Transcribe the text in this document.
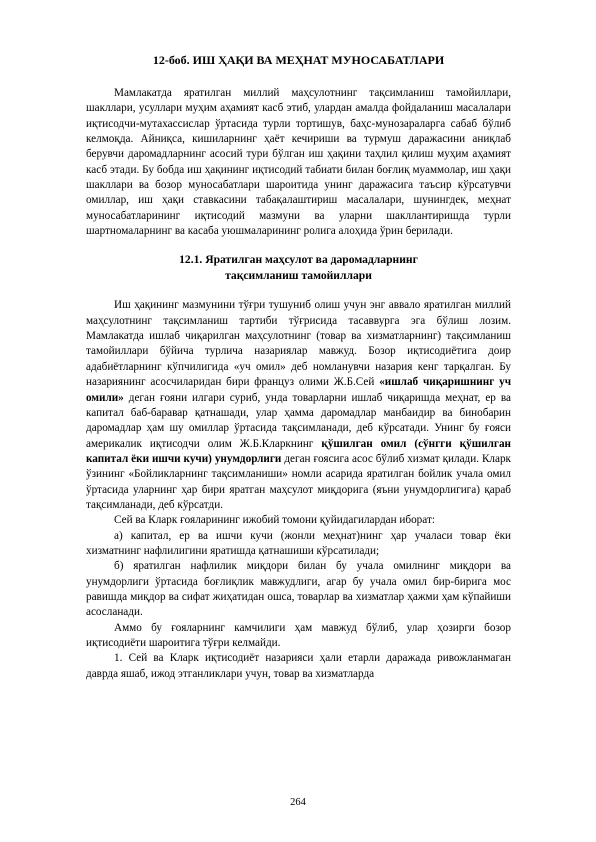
12-боб. ИШ ҲАҚИ ВА МЕҲНАТ МУНОСАБАТЛАРИ

Мамлакатда яратилган миллий маҳсулотнинг тақсимланиш тамойиллари, шакллари, усуллари муҳим аҳамият касб этиб, улардан амалда фойдаланиш масалалари иқтисодчи-мутахассислар ўртасида турли тортишув, баҳс-мунозараларга сабаб бўлиб келмоқда. Айниқса, кишиларнинг ҳаёт кечириши ва турмуш даражасини аниқлаб берувчи даромадларнинг асосий тури бўлган иш ҳақини таҳлил қилиш муҳим аҳамият касб этади. Бу бобда иш ҳақининг иқтисодий табиати билан боғлиқ муаммолар, иш ҳақи шакллари ва бозор муносабатлари шароитида унинг даражасига таъсир кўрсатувчи омиллар, иш ҳақи ставкасини табақалаштириш масалалари, шунингдек, меҳнат муносабатларининг иқтисодий мазмуни ва уларни шакллантиришда турли шартномаларнинг ва касаба уюшмаларининг ролига алоҳида ўрин берилади.

12.1. Яратилган маҳсулот ва даромадларнинг
тақсимланиш тамойиллари

Иш ҳақининг мазмунини тўғри тушуниб олиш учун энг аввало яратилган миллий маҳсулотнинг тақсимланиш тартиби тўғрисида тасаввурга эга бўлиш лозим. Мамлакатда ишлаб чиқарилган маҳсулотнинг (товар ва хизматларнинг) тақсимланиш тамойиллари бўйича турлича назариялар мавжуд. Бозор иқтисодиётига доир адабиётларнинг кўпчилигида «уч омил» деб номланувчи назария кенг тарқалган. Бу назариянинг асосчиларидан бири француз олими Ж.Б.Сей «ишлаб чиқаришнинг уч омили» деган ғояни илгари суриб, унда товарларни ишлаб чиқаришда меҳнат, ер ва капитал баб-баравар қатнашади, улар ҳамма даромадлар манбаидир ва бинобарин даромадлар ҳам шу омиллар ўртасида тақсимланади, деб кўрсатади. Унинг бу ғояси америкалик иқтисодчи олим Ж.Б.Кларкнинг қўшилган омил (сўнгги қўшилган капитал ёки ишчи кучи) унумдорлиги деган ғоясига асос бўлиб хизмат қилади. Кларк ўзининг «Бойликларнинг тақсимланиши» номли асарида яратилган бойлик учала омил ўртасида уларнинг ҳар бири яратган маҳсулот миқдорига (яъни унумдорлигига) қараб тақсимланади, деб кўрсатди.

Сей ва Кларк ғояларининг ижобий томони қуйидагилардан иборат:

а) капитал, ер ва ишчи кучи (жонли меҳнат)нинг ҳар учаласи товар ёки хизматнинг нафлилигини яратишда қатнашиши кўрсатилади;

б) яратилган нафлилик миқдори билан бу учала омилнинг миқдори ва унумдорлиги ўртасида боғлиқлик мавжудлиги, агар бу учала омил бир-бирига мос равишда миқдор ва сифат жиҳатидан ошса, товарлар ва хизматлар ҳажми ҳам кўпайиши асосланади.

Аммо бу ғояларнинг камчилиги ҳам мавжуд бўлиб, улар ҳозирги бозор иқтисодиёти шароитига тўғри келмайди.

1. Сей ва Кларк иқтисодиёт назарияси ҳали етарли даражада ривожланмаган даврда яшаб, ижод этганликлари учун, товар ва хизматларда

264
